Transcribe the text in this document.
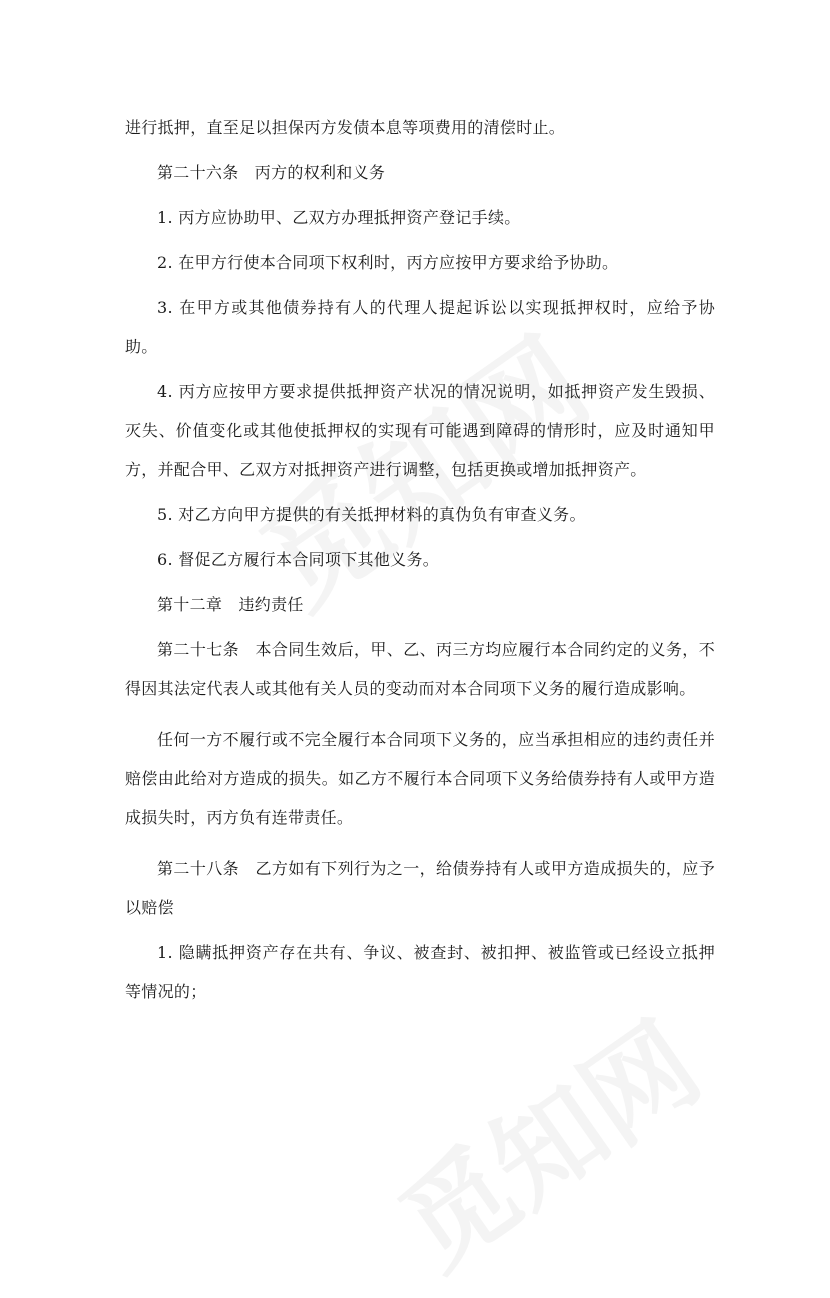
进行抵押，直至足以担保丙方发债本息等项费用的清偿时止。

第二十六条　丙方的权利和义务

1. 丙方应协助甲、乙双方办理抵押资产登记手续。

2. 在甲方行使本合同项下权利时，丙方应按甲方要求给予协助。

3. 在甲方或其他债券持有人的代理人提起诉讼以实现抵押权时，应给予协助。

4. 丙方应按甲方要求提供抵押资产状况的情况说明，如抵押资产发生毁损、灭失、价值变化或其他使抵押权的实现有可能遇到障碍的情形时，应及时通知甲方，并配合甲、乙双方对抵押资产进行调整，包括更换或增加抵押资产。

5. 对乙方向甲方提供的有关抵押材料的真伪负有审查义务。

6. 督促乙方履行本合同项下其他义务。

第十二章　违约责任

第二十七条　本合同生效后，甲、乙、丙三方均应履行本合同约定的义务，不得因其法定代表人或其他有关人员的变动而对本合同项下义务的履行造成影响。

任何一方不履行或不完全履行本合同项下义务的，应当承担相应的违约责任并赔偿由此给对方造成的损失。如乙方不履行本合同项下义务给债券持有人或甲方造成损失时，丙方负有连带责任。

第二十八条　乙方如有下列行为之一，给债券持有人或甲方造成损失的，应予以赔偿

1. 隐瞒抵押资产存在共有、争议、被查封、被扣押、被监管或已经设立抵押等情况的；
